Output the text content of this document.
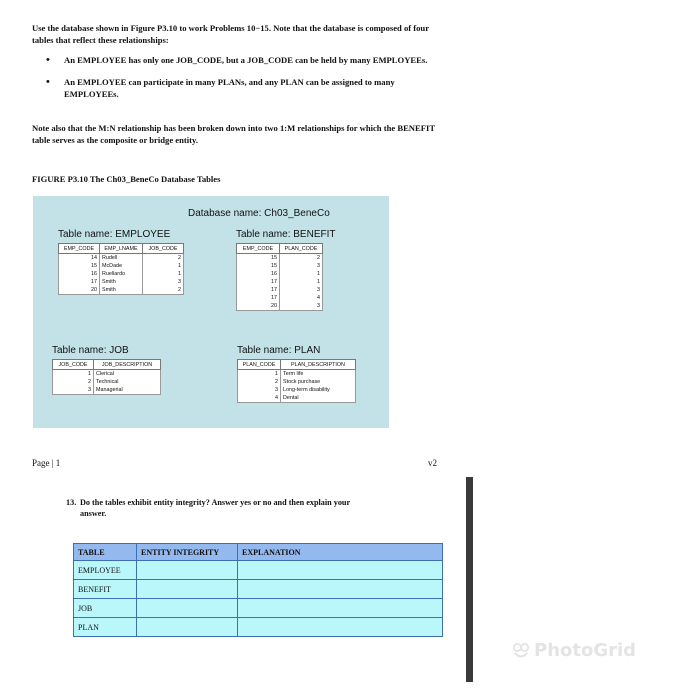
Use the database shown in Figure P3.10 to work Problems 10−15. Note that the database is composed of four tables that reflect these relationships:
• An EMPLOYEE has only one JOB_CODE, but a JOB_CODE can be held by many EMPLOYEEs.
• An EMPLOYEE can participate in many PLANs, and any PLAN can be assigned to many EMPLOYEEs.
Note also that the M:N relationship has been broken down into two 1:M relationships for which the BENEFIT table serves as the composite or bridge entity.
FIGURE P3.10 The Ch03_BeneCo Database Tables
Database name: Ch03_BeneCo
Table name: EMPLOYEE
EMP_CODE	EMP_LNAME	JOB_CODE
14	Rudell	2
15	McDade	1
16	Ruellardo	1
17	Smith	3
20	Smith	2
Table name: BENEFIT
EMP_CODE	PLAN_CODE
15	2
15	3
16	1
17	1
17	3
17	4
20	3
Table name: JOB
JOB_CODE	JOB_DESCRIPTION
1	Clerical
2	Technical
3	Managerial
Table name: PLAN
PLAN_CODE	PLAN_DESCRIPTION
1	Term life
2	Stock purchase
3	Long-term disability
4	Dental
Page | 1	v2
13. Do the tables exhibit entity integrity? Answer yes or no and then explain your
answer.
TABLE	ENTITY INTEGRITY	EXPLANATION
EMPLOYEE		
BENEFIT		
JOB		
PLAN		
PhotoGrid
